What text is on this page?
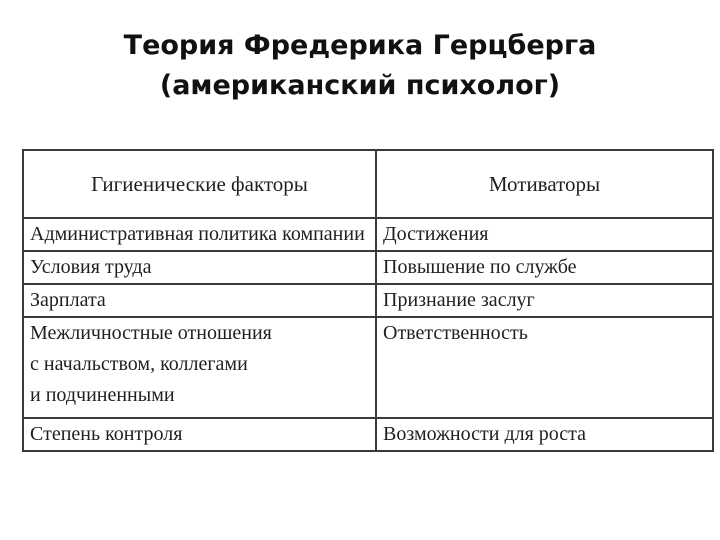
Теория Фредерика Герцберга
(американский психолог)
Гигиенические факторы	Мотиваторы
Административная политика компании	Достижения
Условия труда	Повышение по службе
Зарплата	Признание заслуг
Межличностные отношения
с начальством, коллегами
и подчиненными	Ответственность
Степень контроля	Возможности для роста
